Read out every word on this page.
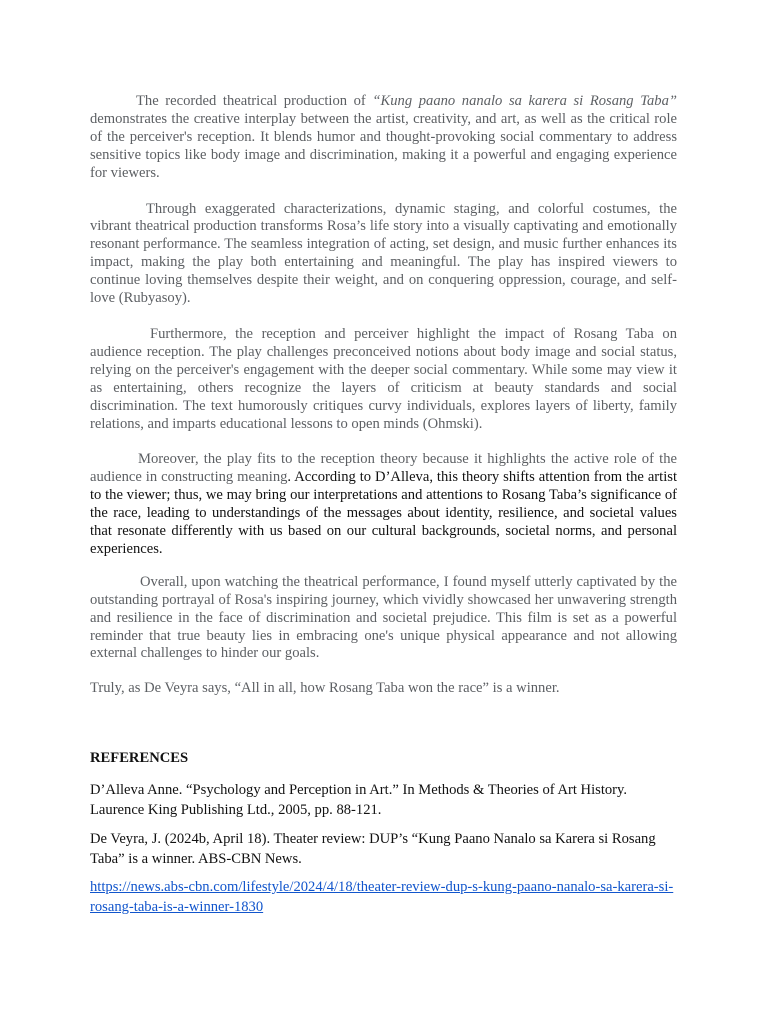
The recorded theatrical production of “Kung paano nanalo sa karera si Rosang Taba” demonstrates the creative interplay between the artist, creativity, and art, as well as the critical role of the perceiver's reception. It blends humor and thought-provoking social commentary to address sensitive topics like body image and discrimination, making it a powerful and engaging experience for viewers.

Through exaggerated characterizations, dynamic staging, and colorful costumes, the vibrant theatrical production transforms Rosa’s life story into a visually captivating and emotionally resonant performance. The seamless integration of acting, set design, and music further enhances its impact, making the play both entertaining and meaningful. The play has inspired viewers to continue loving themselves despite their weight, and on conquering oppression, courage, and self-love (Rubyasoy).

Furthermore, the reception and perceiver highlight the impact of Rosang Taba on audience reception. The play challenges preconceived notions about body image and social status, relying on the perceiver's engagement with the deeper social commentary. While some may view it as entertaining, others recognize the layers of criticism at beauty standards and social discrimination. The text humorously critiques curvy individuals, explores layers of liberty, family relations, and imparts educational lessons to open minds (Ohmski).

Moreover, the play fits to the reception theory because it highlights the active role of the audience in constructing meaning. According to D’Alleva, this theory shifts attention from the artist to the viewer; thus, we may bring our interpretations and attentions to Rosang Taba’s significance of the race, leading to understandings of the messages about identity, resilience, and societal values that resonate differently with us based on our cultural backgrounds, societal norms, and personal experiences.

Overall, upon watching the theatrical performance, I found myself utterly captivated by the outstanding portrayal of Rosa's inspiring journey, which vividly showcased her unwavering strength and resilience in the face of discrimination and societal prejudice. This film is set as a powerful reminder that true beauty lies in embracing one's unique physical appearance and not allowing external challenges to hinder our goals.

Truly, as De Veyra says, “All in all, how Rosang Taba won the race” is a winner.

REFERENCES

D’Alleva Anne. “Psychology and Perception in Art.” In Methods & Theories of Art History. Laurence King Publishing Ltd., 2005, pp. 88-121.

De Veyra, J. (2024b, April 18). Theater review: DUP’s “Kung Paano Nanalo sa Karera si Rosang Taba” is a winner. ABS-CBN News.

https://news.abs-cbn.com/lifestyle/2024/4/18/theater-review-dup-s-kung-paano-nanalo-sa-karera-si-rosang-taba-is-a-winner-1830
